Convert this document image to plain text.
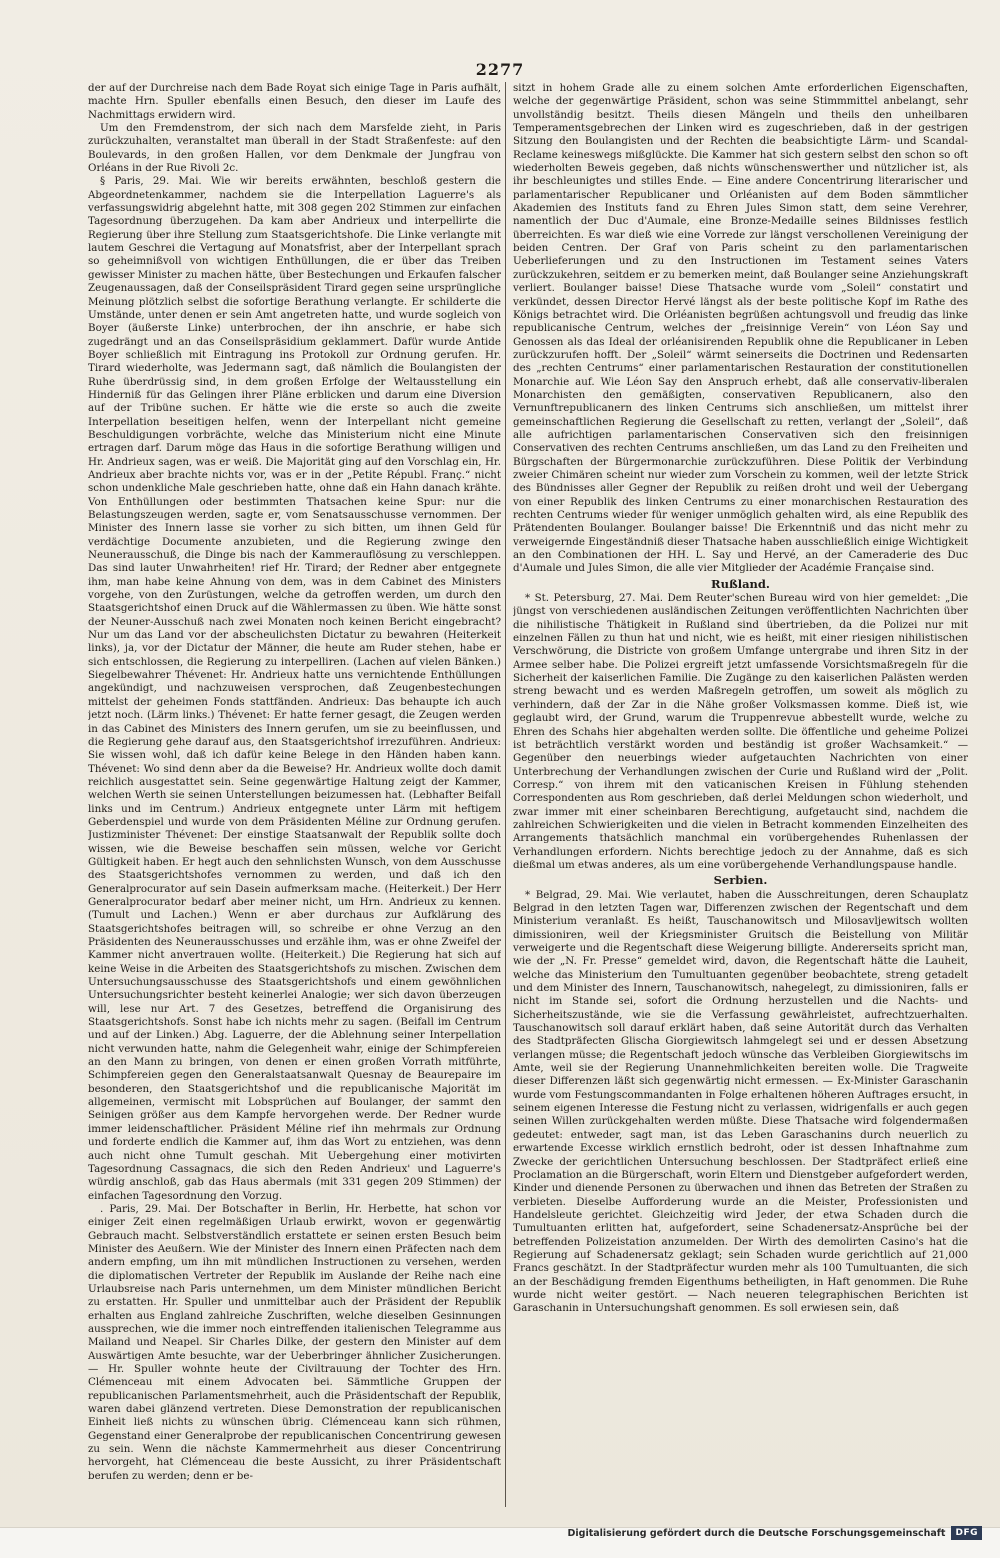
2277

der auf der Durchreise nach dem Bade Royat sich einige Tage in Paris aufhält, machte Hrn. Spuller ebenfalls einen Besuch, den dieser im Laufe des Nachmittags erwidern wird.

Um den Fremdenstrom, der sich nach dem Marsfelde zieht, in Paris zurückzuhalten, veranstaltet man überall in der Stadt Straßenfeste: auf den Boulevards, in den großen Hallen, vor dem Denkmale der Jungfrau von Orléans in der Rue Rivoli 2c.

§ Paris, 29. Mai. Wie wir bereits erwähnten, beschloß gestern die Abgeordnetenkammer, nachdem sie die Interpellation Laguerre's als verfassungswidrig abgelehnt hatte, mit 308 gegen 202 Stimmen zur einfachen Tagesordnung überzugehen. Da kam aber Andrieux und interpellirte die Regierung über ihre Stellung zum Staatsgerichtshofe. Die Linke verlangte mit lautem Geschrei die Vertagung auf Monatsfrist, aber der Interpellant sprach so geheimnißvoll von wichtigen Enthüllungen, die er über das Treiben gewisser Minister zu machen hätte, über Bestechungen und Erkaufen falscher Zeugenaussagen, daß der Conseilspräsident Tirard gegen seine ursprüngliche Meinung plötzlich selbst die sofortige Berathung verlangte. Er schilderte die Umstände, unter denen er sein Amt angetreten hatte, und wurde sogleich von Boyer (äußerste Linke) unterbrochen, der ihn anschrie, er habe sich zugedrängt und an das Conseilspräsidium geklammert. Dafür wurde Antide Boyer schließlich mit Eintragung ins Protokoll zur Ordnung gerufen. Hr. Tirard wiederholte, was Jedermann sagt, daß nämlich die Boulangisten der Ruhe überdrüssig sind, in dem großen Erfolge der Weltausstellung ein Hinderniß für das Gelingen ihrer Pläne erblicken und darum eine Diversion auf der Tribüne suchen. Er hätte wie die erste so auch die zweite Interpellation beseitigen helfen, wenn der Interpellant nicht gemeine Beschuldigungen vorbrächte, welche das Ministerium nicht eine Minute ertragen darf. Darum möge das Haus in die sofortige Berathung willigen und Hr. Andrieux sagen, was er weiß. Die Majorität ging auf den Vorschlag ein, Hr. Andrieux aber brachte nichts vor, was er in der „Petite Républ. Franç.“ nicht schon undenkliche Male geschrieben hatte, ohne daß ein Hahn danach krähte. Von Enthüllungen oder bestimmten Thatsachen keine Spur: nur die Belastungszeugen werden, sagte er, vom Senatsausschusse vernommen. Der Minister des Innern lasse sie vorher zu sich bitten, um ihnen Geld für verdächtige Documente anzubieten, und die Regierung zwinge den Neunerausschuß, die Dinge bis nach der Kammerauflösung zu verschleppen. Das sind lauter Unwahrheiten! rief Hr. Tirard; der Redner aber entgegnete ihm, man habe keine Ahnung von dem, was in dem Cabinet des Ministers vorgehe, von den Zurüstungen, welche da getroffen werden, um durch den Staatsgerichtshof einen Druck auf die Wählermassen zu üben. Wie hätte sonst der Neuner-Ausschuß nach zwei Monaten noch keinen Bericht eingebracht? Nur um das Land vor der abscheulichsten Dictatur zu bewahren (Heiterkeit links), ja, vor der Dictatur der Männer, die heute am Ruder stehen, habe er sich entschlossen, die Regierung zu interpelliren. (Lachen auf vielen Bänken.) Siegelbewahrer Thévenet: Hr. Andrieux hatte uns vernichtende Enthüllungen angekündigt, und nachzuweisen versprochen, daß Zeugenbestechungen mittelst der geheimen Fonds stattfänden. Andrieux: Das behaupte ich auch jetzt noch. (Lärm links.) Thévenet: Er hatte ferner gesagt, die Zeugen werden in das Cabinet des Ministers des Innern gerufen, um sie zu beeinflussen, und die Regierung gehe darauf aus, den Staatsgerichtshof irrezuführen. Andrieux: Sie wissen wohl, daß ich dafür keine Belege in den Händen haben kann. Thévenet: Wo sind denn aber da die Beweise? Hr. Andrieux wollte doch damit reichlich ausgestattet sein. Seine gegenwärtige Haltung zeigt der Kammer, welchen Werth sie seinen Unterstellungen beizumessen hat. (Lebhafter Beifall links und im Centrum.) Andrieux entgegnete unter Lärm mit heftigem Geberdenspiel und wurde von dem Präsidenten Méline zur Ordnung gerufen. Justizminister Thévenet: Der einstige Staatsanwalt der Republik sollte doch wissen, wie die Beweise beschaffen sein müssen, welche vor Gericht Gültigkeit haben. Er hegt auch den sehnlichsten Wunsch, von dem Ausschusse des Staatsgerichtshofes vernommen zu werden, und daß ich den Generalprocurator auf sein Dasein aufmerksam mache. (Heiterkeit.) Der Herr Generalprocurator bedarf aber meiner nicht, um Hrn. Andrieux zu kennen. (Tumult und Lachen.) Wenn er aber durchaus zur Aufklärung des Staatsgerichtshofes beitragen will, so schreibe er ohne Verzug an den Präsidenten des Neunerausschusses und erzähle ihm, was er ohne Zweifel der Kammer nicht anvertrauen wollte. (Heiterkeit.) Die Regierung hat sich auf keine Weise in die Arbeiten des Staatsgerichtshofs zu mischen. Zwischen dem Untersuchungsausschusse des Staatsgerichtshofs und einem gewöhnlichen Untersuchungsrichter besteht keinerlei Analogie; wer sich davon überzeugen will, lese nur Art. 7 des Gesetzes, betreffend die Organisirung des Staatsgerichtshofs. Sonst habe ich nichts mehr zu sagen. (Beifall im Centrum und auf der Linken.) Abg. Laguerre, der die Ablehnung seiner Interpellation nicht verwunden hatte, nahm die Gelegenheit wahr, einige der Schimpfereien an den Mann zu bringen, von denen er einen großen Vorrath mitführte, Schimpfereien gegen den Generalstaatsanwalt Quesnay de Beaurepaire im besonderen, den Staatsgerichtshof und die republicanische Majorität im allgemeinen, vermischt mit Lobsprüchen auf Boulanger, der sammt den Seinigen größer aus dem Kampfe hervorgehen werde. Der Redner wurde immer leidenschaftlicher. Präsident Méline rief ihn mehrmals zur Ordnung und forderte endlich die Kammer auf, ihm das Wort zu entziehen, was denn auch nicht ohne Tumult geschah. Mit Uebergehung einer motivirten Tagesordnung Cassagnacs, die sich den Reden Andrieux' und Laguerre's würdig anschloß, gab das Haus abermals (mit 331 gegen 209 Stimmen) der einfachen Tagesordnung den Vorzug.

. Paris, 29. Mai. Der Botschafter in Berlin, Hr. Herbette, hat schon vor einiger Zeit einen regelmäßigen Urlaub erwirkt, wovon er gegenwärtig Gebrauch macht. Selbstverständlich erstattete er seinen ersten Besuch beim Minister des Aeußern. Wie der Minister des Innern einen Präfecten nach dem andern empfing, um ihn mit mündlichen Instructionen zu versehen, werden die diplomatischen Vertreter der Republik im Auslande der Reihe nach eine Urlaubsreise nach Paris unternehmen, um dem Minister mündlichen Bericht zu erstatten. Hr. Spuller und unmittelbar auch der Präsident der Republik erhalten aus England zahlreiche Zuschriften, welche dieselben Gesinnungen aussprechen, wie die immer noch eintreffenden italienischen Telegramme aus Mailand und Neapel. Sir Charles Dilke, der gestern den Minister auf dem Auswärtigen Amte besuchte, war der Ueberbringer ähnlicher Zusicherungen. — Hr. Spuller wohnte heute der Civiltrauung der Tochter des Hrn. Clémenceau mit einem Advocaten bei. Sämmtliche Gruppen der republicanischen Parlamentsmehrheit, auch die Präsidentschaft der Republik, waren dabei glänzend vertreten. Diese Demonstration der republicanischen Einheit ließ nichts zu wünschen übrig. Clémenceau kann sich rühmen, Gegenstand einer Generalprobe der republicanischen Concentrirung gewesen zu sein. Wenn die nächste Kammermehrheit aus dieser Concentrirung hervorgeht, hat Clémenceau die beste Aussicht, zu ihrer Präsidentschaft berufen zu werden; denn er be-

sitzt in hohem Grade alle zu einem solchen Amte erforderlichen Eigenschaften, welche der gegenwärtige Präsident, schon was seine Stimmmittel anbelangt, sehr unvollständig besitzt. Theils diesen Mängeln und theils den unheilbaren Temperamentsgebrechen der Linken wird es zugeschrieben, daß in der gestrigen Sitzung den Boulangisten und der Rechten die beabsichtigte Lärm- und Scandal-Reclame keineswegs mißglückte. Die Kammer hat sich gestern selbst den schon so oft wiederholten Beweis gegeben, daß nichts wünschenswerther und nützlicher ist, als ihr beschleunigtes und stilles Ende. — Eine andere Concentrirung literarischer und parlamentarischer Republicaner und Orléanisten auf dem Boden sämmtlicher Akademien des Instituts fand zu Ehren Jules Simon statt, dem seine Verehrer, namentlich der Duc d'Aumale, eine Bronze-Medaille seines Bildnisses festlich überreichten. Es war dieß wie eine Vorrede zur längst verschollenen Vereinigung der beiden Centren. Der Graf von Paris scheint zu den parlamentarischen Ueberlieferungen und zu den Instructionen im Testament seines Vaters zurückzukehren, seitdem er zu bemerken meint, daß Boulanger seine Anziehungskraft verliert. Boulanger baisse! Diese Thatsache wurde vom „Soleil“ constatirt und verkündet, dessen Director Hervé längst als der beste politische Kopf im Rathe des Königs betrachtet wird. Die Orléanisten begrüßen achtungsvoll und freudig das linke republicanische Centrum, welches der „freisinnige Verein“ von Léon Say und Genossen als das Ideal der orléanisirenden Republik ohne die Republicaner in Leben zurückzurufen hofft. Der „Soleil“ wärmt seinerseits die Doctrinen und Redensarten des „rechten Centrums“ einer parlamentarischen Restauration der constitutionellen Monarchie auf. Wie Léon Say den Anspruch erhebt, daß alle conservativ-liberalen Monarchisten den gemäßigten, conservativen Republicanern, also den Vernunftrepublicanern des linken Centrums sich anschließen, um mittelst ihrer gemeinschaftlichen Regierung die Gesellschaft zu retten, verlangt der „Soleil“, daß alle aufrichtigen parlamentarischen Conservativen sich den freisinnigen Conservativen des rechten Centrums anschließen, um das Land zu den Freiheiten und Bürgschaften der Bürgermonarchie zurückzuführen. Diese Politik der Verbindung zweier Chimären scheint nur wieder zum Vorschein zu kommen, weil der letzte Strick des Bündnisses aller Gegner der Republik zu reißen droht und weil der Uebergang von einer Republik des linken Centrums zu einer monarchischen Restauration des rechten Centrums wieder für weniger unmöglich gehalten wird, als eine Republik des Prätendenten Boulanger. Boulanger baisse! Die Erkenntniß und das nicht mehr zu verweigernde Eingeständniß dieser Thatsache haben ausschließlich einige Wichtigkeit an den Combinationen der HH. L. Say und Hervé, an der Cameraderie des Duc d'Aumale und Jules Simon, die alle vier Mitglieder der Académie Française sind.

Rußland.

* St. Petersburg, 27. Mai. Dem Reuter'schen Bureau wird von hier gemeldet: „Die jüngst von verschiedenen ausländischen Zeitungen veröffentlichten Nachrichten über die nihilistische Thätigkeit in Rußland sind übertrieben, da die Polizei nur mit einzelnen Fällen zu thun hat und nicht, wie es heißt, mit einer riesigen nihilistischen Verschwörung, die Districte von großem Umfange untergrabe und ihren Sitz in der Armee selber habe. Die Polizei ergreift jetzt umfassende Vorsichtsmaßregeln für die Sicherheit der kaiserlichen Familie. Die Zugänge zu den kaiserlichen Palästen werden streng bewacht und es werden Maßregeln getroffen, um soweit als möglich zu verhindern, daß der Zar in die Nähe großer Volksmassen komme. Dieß ist, wie geglaubt wird, der Grund, warum die Truppenrevue abbestellt wurde, welche zu Ehren des Schahs hier abgehalten werden sollte. Die öffentliche und geheime Polizei ist beträchtlich verstärkt worden und beständig ist großer Wachsamkeit.“ — Gegenüber den neuerbings wieder aufgetauchten Nachrichten von einer Unterbrechung der Verhandlungen zwischen der Curie und Rußland wird der „Polit. Corresp.“ von ihrem mit den vaticanischen Kreisen in Fühlung stehenden Correspondenten aus Rom geschrieben, daß derlei Meldungen schon wiederholt, und zwar immer mit einer scheinbaren Berechtigung, aufgetaucht sind, nachdem die zahlreichen Schwierigkeiten und die vielen in Betracht kommenden Einzelheiten des Arrangements thatsächlich manchmal ein vorübergehendes Ruhenlassen der Verhandlungen erfordern. Nichts berechtige jedoch zu der Annahme, daß es sich dießmal um etwas anderes, als um eine vorübergehende Verhandlungspause handle.

Serbien.

* Belgrad, 29. Mai. Wie verlautet, haben die Ausschreitungen, deren Schauplatz Belgrad in den letzten Tagen war, Differenzen zwischen der Regentschaft und dem Ministerium veranlaßt. Es heißt, Tauschanowitsch und Milosavljewitsch wollten dimissioniren, weil der Kriegsminister Gruitsch die Beistellung von Militär verweigerte und die Regentschaft diese Weigerung billigte. Andererseits spricht man, wie der „N. Fr. Presse“ gemeldet wird, davon, die Regentschaft hätte die Lauheit, welche das Ministerium den Tumultuanten gegenüber beobachtete, streng getadelt und dem Minister des Innern, Tauschanowitsch, nahegelegt, zu dimissioniren, falls er nicht im Stande sei, sofort die Ordnung herzustellen und die Nachts- und Sicherheitszustände, wie sie die Verfassung gewährleistet, aufrechtzuerhalten. Tauschanowitsch soll darauf erklärt haben, daß seine Autorität durch das Verhalten des Stadtpräfecten Glischa Giorgiewitsch lahmgelegt sei und er dessen Absetzung verlangen müsse; die Regentschaft jedoch wünsche das Verbleiben Giorgiewitschs im Amte, weil sie der Regierung Unannehmlichkeiten bereiten wolle. Die Tragweite dieser Differenzen läßt sich gegenwärtig nicht ermessen. — Ex-Minister Garaschanin wurde vom Festungscommandanten in Folge erhaltenen höheren Auftrages ersucht, in seinem eigenen Interesse die Festung nicht zu verlassen, widrigenfalls er auch gegen seinen Willen zurückgehalten werden müßte. Diese Thatsache wird folgendermaßen gedeutet: entweder, sagt man, ist das Leben Garaschanins durch neuerlich zu erwartende Excesse wirklich ernstlich bedroht, oder ist dessen Inhaftnahme zum Zwecke der gerichtlichen Untersuchung beschlossen. Der Stadtpräfect erließ eine Proclamation an die Bürgerschaft, worin Eltern und Dienstgeber aufgefordert werden, Kinder und dienende Personen zu überwachen und ihnen das Betreten der Straßen zu verbieten. Dieselbe Aufforderung wurde an die Meister, Professionisten und Handelsleute gerichtet. Gleichzeitig wird Jeder, der etwa Schaden durch die Tumultuanten erlitten hat, aufgefordert, seine Schadenersatz-Ansprüche bei der betreffenden Polizeistation anzumelden. Der Wirth des demolirten Casino's hat die Regierung auf Schadenersatz geklagt; sein Schaden wurde gerichtlich auf 21,000 Francs geschätzt. In der Stadtpräfectur wurden mehr als 100 Tumultuanten, die sich an der Beschädigung fremden Eigenthums betheiligten, in Haft genommen. Die Ruhe wurde nicht weiter gestört. — Nach neueren telegraphischen Berichten ist Garaschanin in Untersuchungshaft genommen. Es soll erwiesen sein, daß

Digitalisierung gefördert durch die Deutsche Forschungsgemeinschaft	DFG
